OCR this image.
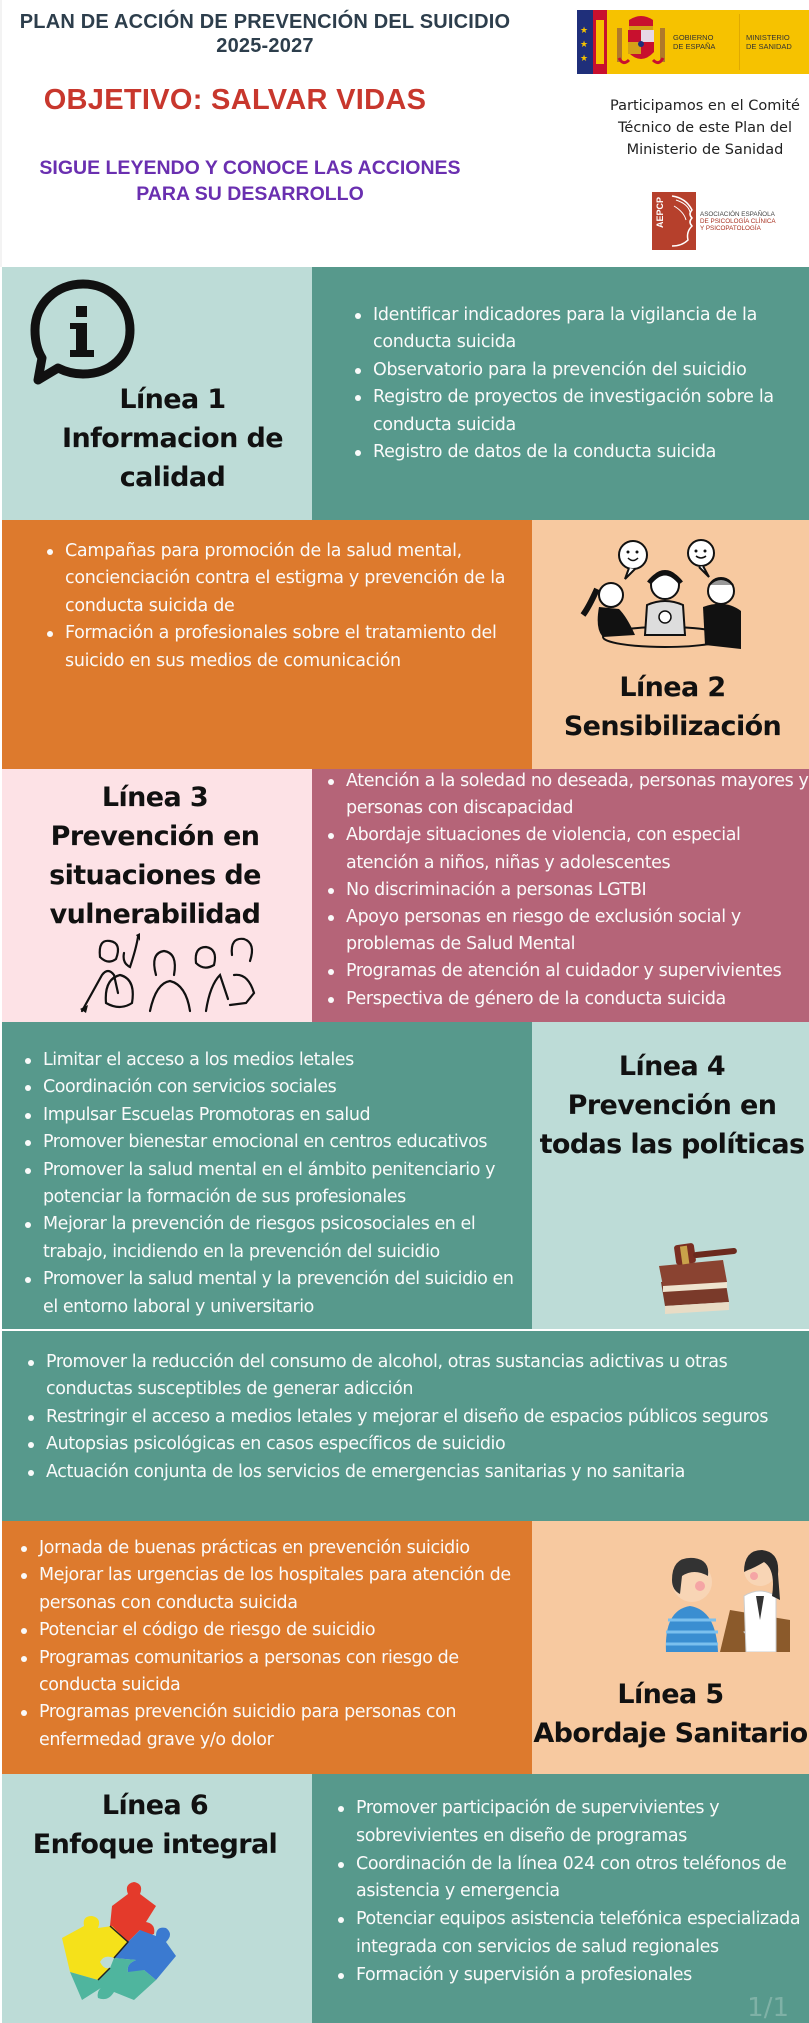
PLAN DE ACCIÓN DE PREVENCIÓN DEL SUICIDIO
2025-2027
OBJETIVO: SALVAR VIDAS
SIGUE LEYENDO Y CONOCE LAS ACCIONES
PARA SU DESARROLLO
★
★
★
GOBIERNO
DE ESPAÑA
MINISTERIO
DE SANIDAD
Participamos en el Comité
Técnico de este Plan del
Ministerio de Sanidad
AEPCP	ASOCIACIÓN ESPAÑOLA
DE PSICOLOGÍA CLÍNICA
Y PSICOPATOLOGÍA
Línea 1
Informacion de
calidad
Identificar indicadores para la vigilancia de la conducta suicida
Observatorio para la prevención del suicidio
Registro de proyectos de investigación sobre la conducta suicida
Registro de datos de la conducta suicida
Campañas para promoción de la salud mental, concienciación contra el estigma y prevención de la conducta suicida de
Formación a profesionales sobre el tratamiento del suicido en sus medios de comunicación
Línea 2
Sensibilización
Línea 3
Prevención en
situaciones de
vulnerabilidad
Atención a la soledad no deseada, personas mayores y personas con discapacidad
Abordaje situaciones de violencia, con especial atención a niños, niñas y adolescentes
No discriminación a personas LGTBI
Apoyo personas en riesgo de exclusión social y problemas de Salud Mental
Programas de atención al cuidador y supervivientes
Perspectiva de género de la conducta suicida
Limitar el acceso a los medios letales
Coordinación con servicios sociales
Impulsar Escuelas Promotoras en salud
Promover bienestar emocional en centros educativos
Promover la salud mental en el ámbito penitenciario y potenciar la formación de sus profesionales
Mejorar la prevención de riesgos psicosociales en el trabajo, incidiendo en la prevención del suicidio
Promover la salud mental y la prevención del suicidio en el entorno laboral y universitario
Línea 4
Prevención en
todas las políticas
Promover la reducción del consumo de alcohol, otras sustancias adictivas u otras conductas susceptibles de generar adicción
Restringir el acceso a medios letales y mejorar el diseño de espacios públicos seguros
Autopsias psicológicas en casos específicos de suicidio
Actuación conjunta de los servicios de emergencias sanitarias y no sanitaria
Jornada de buenas prácticas en prevención suicidio
Mejorar las urgencias de los hospitales para atención de personas con conducta suicida
Potenciar el código de riesgo de suicidio
Programas comunitarios a personas con riesgo de conducta suicida
Programas prevención suicidio para personas con enfermedad grave y/o dolor
Línea 5
Abordaje Sanitario
Línea 6
Enfoque integral
Promover participación de supervivientes y sobrevivientes en diseño de programas
Coordinación de la línea 024 con otros teléfonos de asistencia y emergencia
Potenciar equipos asistencia telefónica especializada integrada con servicios de salud regionales
Formación y supervisión a profesionales
1/1
